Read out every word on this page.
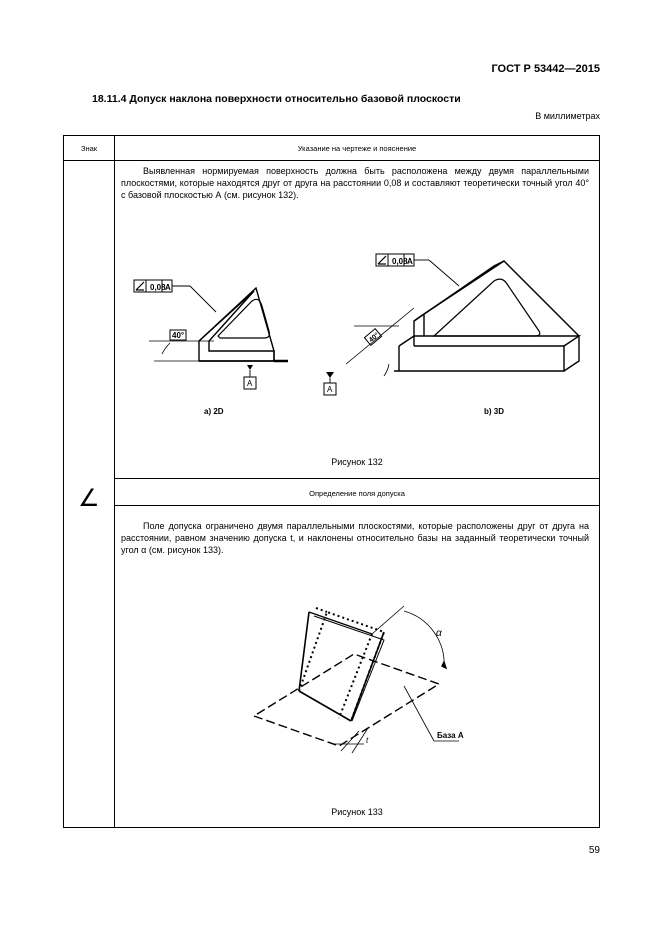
ГОСТ Р 53442—2015
18.11.4 Допуск наклона поверхности относительно базовой плоскости
В миллиметрах
Знак	Указание на чертеже и пояснение
∠
Выявленная нормируемая поверхность должна быть расположена между двумя параллельными плоскостями, которые находятся друг от друга на расстоянии 0,08 и составляют теоретически точный угол 40° с базовой плоскостью А (см. рисунок 132).
0,08 A
40°
A
а) 2D
0,08 A
40°
A
b) 3D
Рисунок 132
Определение поля допуска
Поле допуска ограничено двумя параллельными плоскостями, которые расположены друг от друга на расстоянии, равном значению допуска t, и наклонены относительно базы на заданный теоретически точный угол α (см. рисунок 133).
α
t
База А
Рисунок 133
59
